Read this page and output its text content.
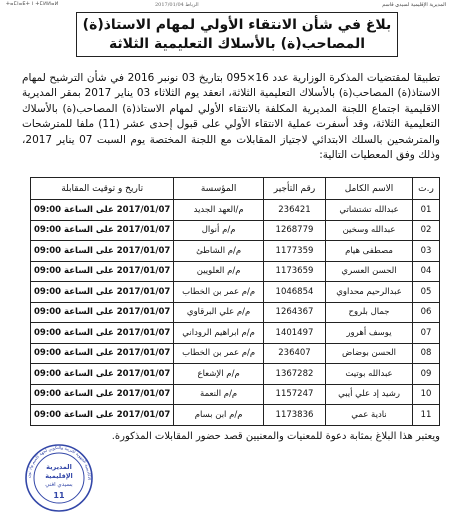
ⵜⴰⵎⵏⴰⴹⵜ ⵏ ⵜⵎⵍⵍⴰⵍ	الرباط 2017/01/04	المديرية الإقليمية لسيدي قاسم
بلاغ في شأن الانتقاء الأولي لمهام الاستاذ(ة)
المصاحب(ة) بالأسلاك التعليمية الثلاثة
تطبيقا لمقتضيات المذكرة الوزارية عدد 16×095 بتاريخ 03 نونبر 2016 في شأن الترشيح لمهام الاستاذ(ة) المصاحب(ة) بالأسلاك التعليمية الثلاثة، انعقد يوم الثلاثاء 03 يناير 2017 بمقر المديرية الاقليمية اجتماع اللجنة المديرية المكلفة بالانتقاء الأولي لمهام الاستاذ(ة) المصاحب(ة) بالأسلاك التعليمية الثلاثة، وقد أسفرت عملية الانتقاء الأولي على قبول إحدى عشر (11) ملفا للمترشحات والمترشحين بالسلك الابتدائي لاجتياز المقابلات مع اللجنة المختصة يوم السبت 07 يناير 2017، وذلك وفق المعطيات التالية:
ر.ت	الاسم الكامل	رقم التأجير	المؤسسة	تاريخ و توقيت المقابلة
01	عبدالله تشتشاتي	236421	م/العهد الجديد	2017/01/07 على الساعة 09:00
02	عبدالله وسخين	1268779	م/م أنوال	2017/01/07 على الساعة 09:00
03	مصطفى هيام	1177359	م/م الشاطئ	2017/01/07 على الساعة 09:00
04	الحسن العسري	1173659	م/م العلويين	2017/01/07 على الساعة 09:00
05	عبدالرحيم محداوي	1046854	م/م عمر بن الخطاب	2017/01/07 على الساعة 09:00
06	جمال بلروح	1264367	م/م علي البرقاوي	2017/01/07 على الساعة 09:00
07	يوسف أهرور	1401497	م/م ابراهيم الروداني	2017/01/07 على الساعة 09:00
08	الحسن بوضاض	236407	م/م عمر بن الخطاب	2017/01/07 على الساعة 09:00
09	عبدالله بوتيت	1367282	م/م الإشعاع	2017/01/07 على الساعة 09:00
10	رشيد إد علي أيبي	1157247	م/م النعمة	2017/01/07 على الساعة 09:00
11	نادية عمي	1173836	م/م ابن بسام	2017/01/07 على الساعة 09:00
ويعتبر هذا البلاغ بمثابة دعوة للمعنيات والمعنيين قصد حضور المقابلات المذكورة.
الأكاديمية الجهوية للتربية والتكوين لجهة كلميم واد نون
المديرية
الإقليمية
بسيدي افني
11
